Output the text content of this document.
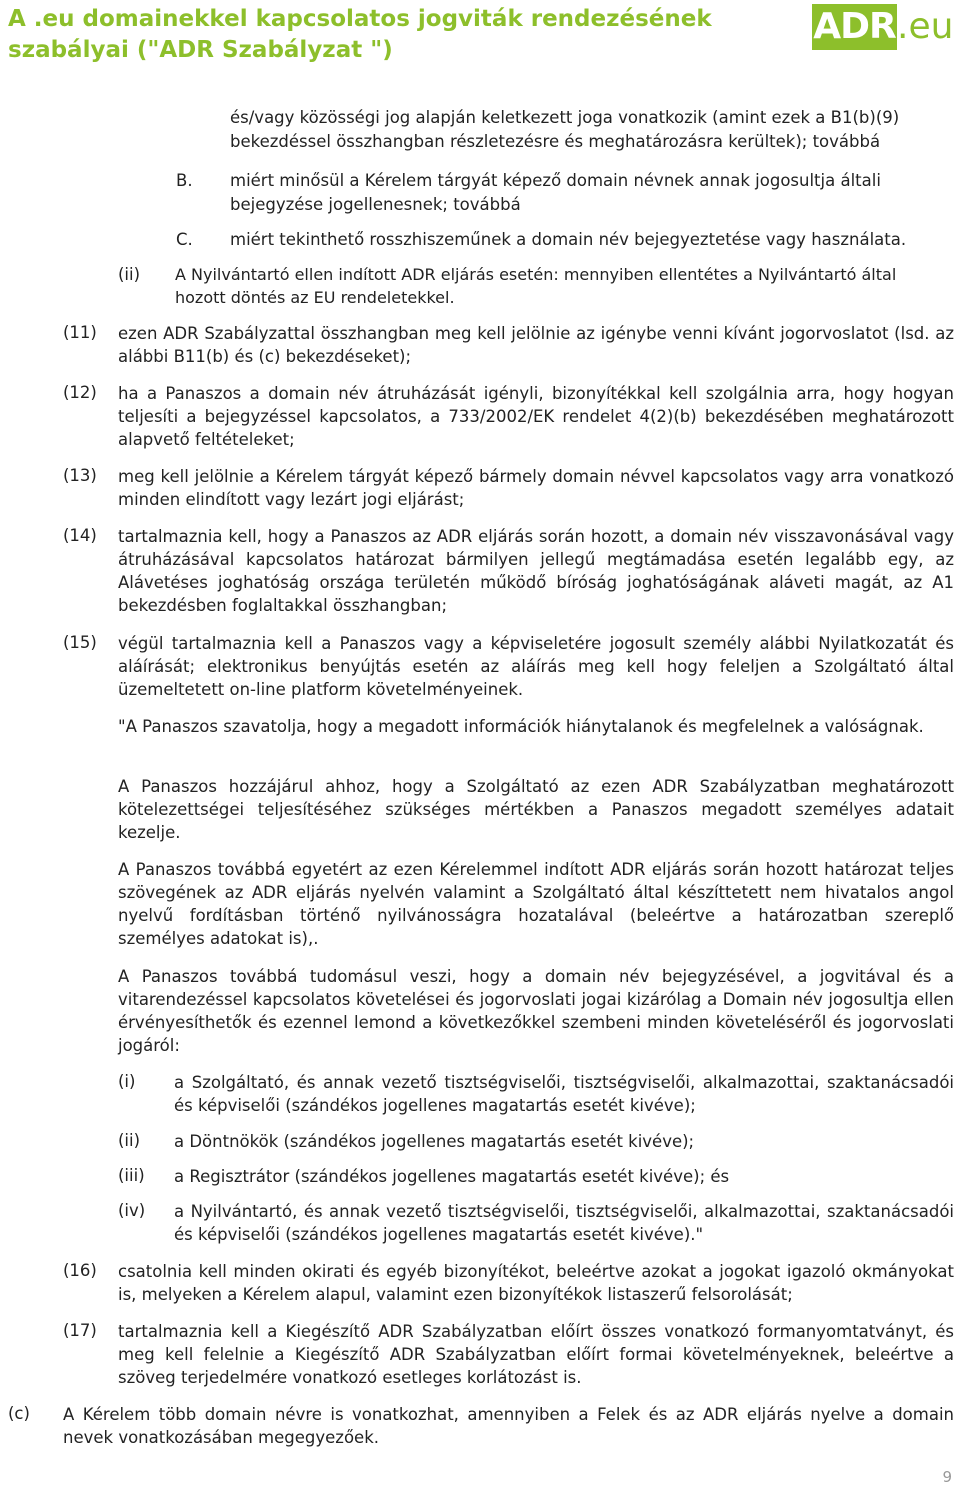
A .eu domainekkel kapcsolatos jogviták rendezésének szabályai ("ADR Szabályzat ")
ADR .eu
és/vagy közösségi jog alapján keletkezett joga vonatkozik (amint ezek a B1(b)(9)
bekezdéssel összhangban részletezésre és meghatározásra kerültek); továbbá
B. miért minősül a Kérelem tárgyát képező domain névnek annak jogosultja általi
bejegyzése jogellenesnek; továbbá
C. miért tekinthető rosszhiszeműnek a domain név bejegyeztetése vagy használata.
(ii) A Nyilvántartó ellen indított ADR eljárás esetén: mennyiben ellentétes a Nyilvántartó által
hozott döntés az EU rendeletekkel.
(11) ezen ADR Szabályzattal összhangban meg kell jelölnie az igénybe venni kívánt jogorvoslatot (lsd. az alábbi B11(b) és (c) bekezdéseket);
(12) ha a Panaszos a domain név átruházását igényli, bizonyítékkal kell szolgálnia arra, hogy hogyan teljesíti a bejegyzéssel kapcsolatos, a 733/2002/EK rendelet 4(2)(b) bekezdésében meghatározott alapvető feltételeket;
(13) meg kell jelölnie a Kérelem tárgyát képező bármely domain névvel kapcsolatos vagy arra vonatkozó minden elindított vagy lezárt jogi eljárást;
(14) tartalmaznia kell, hogy a Panaszos az ADR eljárás során hozott, a domain név visszavonásával vagy átruházásával kapcsolatos határozat bármilyen jellegű megtámadása esetén legalább egy, az Alávetéses joghatóság országa területén működő bíróság joghatóságának aláveti magát, az A1 bekezdésben foglaltakkal összhangban;
(15) végül tartalmaznia kell a Panaszos vagy a képviseletére jogosult személy alábbi Nyilatkozatát és aláírását; elektronikus benyújtás esetén az aláírás meg kell hogy feleljen a Szolgáltató által üzemeltetett on-line platform követelményeinek.
"A Panaszos szavatolja, hogy a megadott információk hiánytalanok és megfelelnek a valóságnak.
A Panaszos hozzájárul ahhoz, hogy a Szolgáltató az ezen ADR Szabályzatban meghatározott kötelezettségei teljesítéséhez szükséges mértékben a Panaszos megadott személyes adatait kezelje.
A Panaszos továbbá egyetért az ezen Kérelemmel indított ADR eljárás során hozott határozat teljes szövegének az ADR eljárás nyelvén valamint a Szolgáltató által készíttetett nem hivatalos angol nyelvű fordításban történő nyilvánosságra hozatalával (beleértve a határozatban szereplő személyes adatokat is),.
A Panaszos továbbá tudomásul veszi, hogy a domain név bejegyzésével, a jogvitával és a vitarendezéssel kapcsolatos követelései és jogorvoslati jogai kizárólag a Domain név jogosultja ellen érvényesíthetők és ezennel lemond a következőkkel szembeni minden követeléséről és jogorvoslati jogáról:
(i) a Szolgáltató, és annak vezető tisztségviselői, tisztségviselői, alkalmazottai, szaktanácsadói és képviselői (szándékos jogellenes magatartás esetét kivéve);
(ii) a Döntnökök (szándékos jogellenes magatartás esetét kivéve);
(iii) a Regisztrátor (szándékos jogellenes magatartás esetét kivéve); és
(iv) a Nyilvántartó, és annak vezető tisztségviselői, tisztségviselői, alkalmazottai, szaktanácsadói és képviselői (szándékos jogellenes magatartás esetét kivéve)."
(16) csatolnia kell minden okirati és egyéb bizonyítékot, beleértve azokat a jogokat igazoló okmányokat is, melyeken a Kérelem alapul, valamint ezen bizonyítékok listaszerű felsorolását;
(17) tartalmaznia kell a Kiegészítő ADR Szabályzatban előírt összes vonatkozó formanyomtatványt, és meg kell felelnie a Kiegészítő ADR Szabályzatban előírt formai követelményeknek, beleértve a szöveg terjedelmére vonatkozó esetleges korlátozást is.
(c) A Kérelem több domain névre is vonatkozhat, amennyiben a Felek és az ADR eljárás nyelve a domain nevek vonatkozásában megegyezőek.
9
